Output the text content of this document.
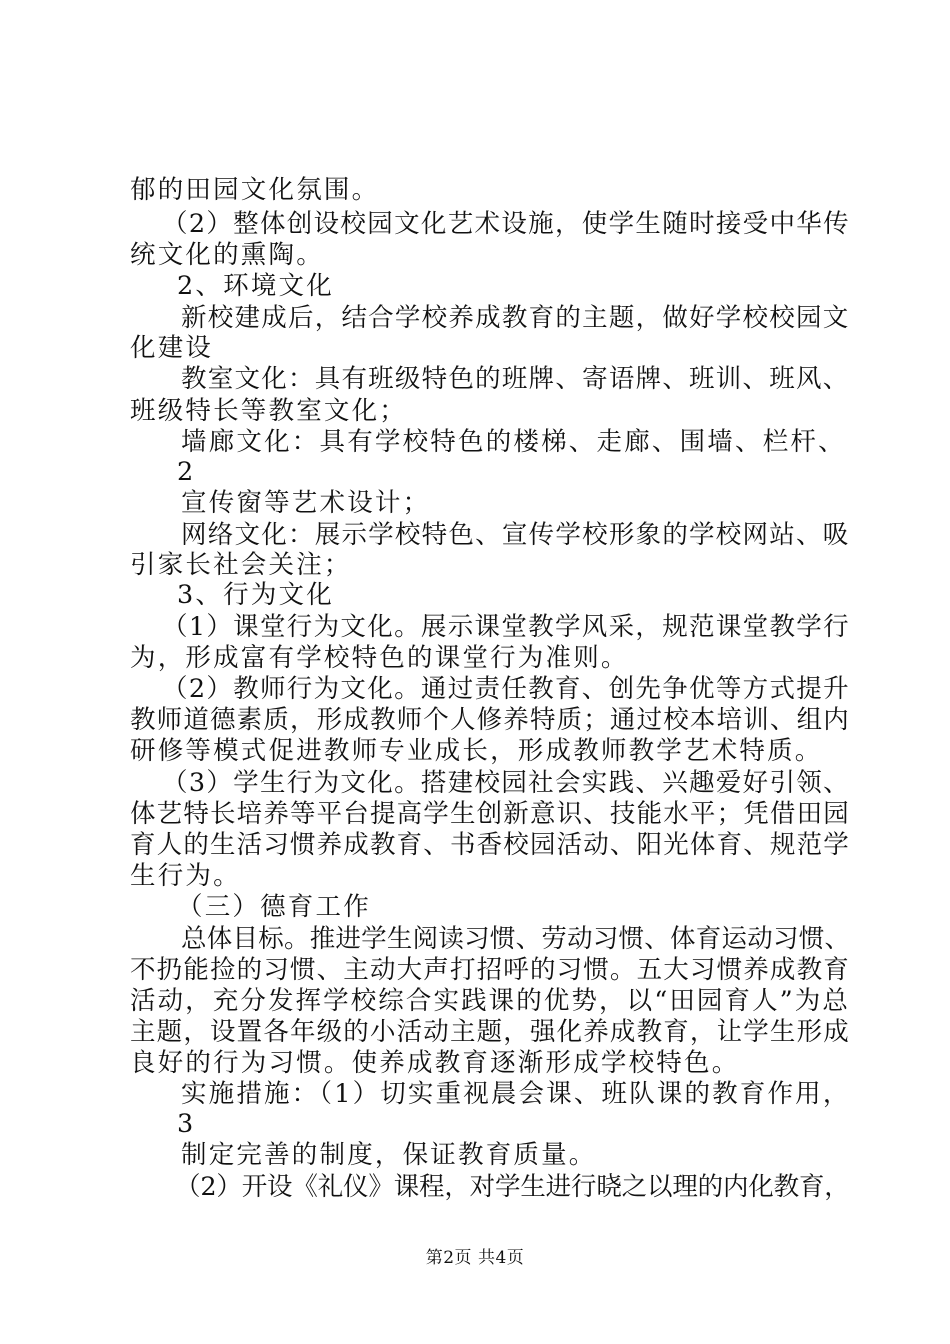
郁的田园文化氛围。

（2）整体创设校园文化艺术设施，使学生随时接受中华传

统文化的熏陶。

2、环境文化

新校建成后，结合学校养成教育的主题，做好学校校园文

化建设

教室文化：具有班级特色的班牌、寄语牌、班训、班风、

班级特长等教室文化；

墙廊文化：具有学校特色的楼梯、走廊、围墙、栏杆、

2

宣传窗等艺术设计；

网络文化：展示学校特色、宣传学校形象的学校网站、吸

引家长社会关注；

3、行为文化

（1）课堂行为文化。展示课堂教学风采，规范课堂教学行

为，形成富有学校特色的课堂行为准则。

（2）教师行为文化。通过责任教育、创先争优等方式提升

教师道德素质，形成教师个人修养特质；通过校本培训、组内

研修等模式促进教师专业成长，形成教师教学艺术特质。

（3）学生行为文化。搭建校园社会实践、兴趣爱好引领、

体艺特长培养等平台提高学生创新意识、技能水平；凭借田园

育人的生活习惯养成教育、书香校园活动、阳光体育、规范学

生行为。

（三）德育工作

总体目标。推进学生阅读习惯、劳动习惯、体育运动习惯、

不扔能捡的习惯、主动大声打招呼的习惯。五大习惯养成教育

活动，充分发挥学校综合实践课的优势，以“田园育人”为总

主题，设置各年级的小活动主题，强化养成教育，让学生形成

良好的行为习惯。使养成教育逐渐形成学校特色。

实施措施：（1）切实重视晨会课、班队课的教育作用，

3

制定完善的制度，保证教育质量。

（2）开设《礼仪》课程，对学生进行晓之以理的内化教育，

第2页 共4页
